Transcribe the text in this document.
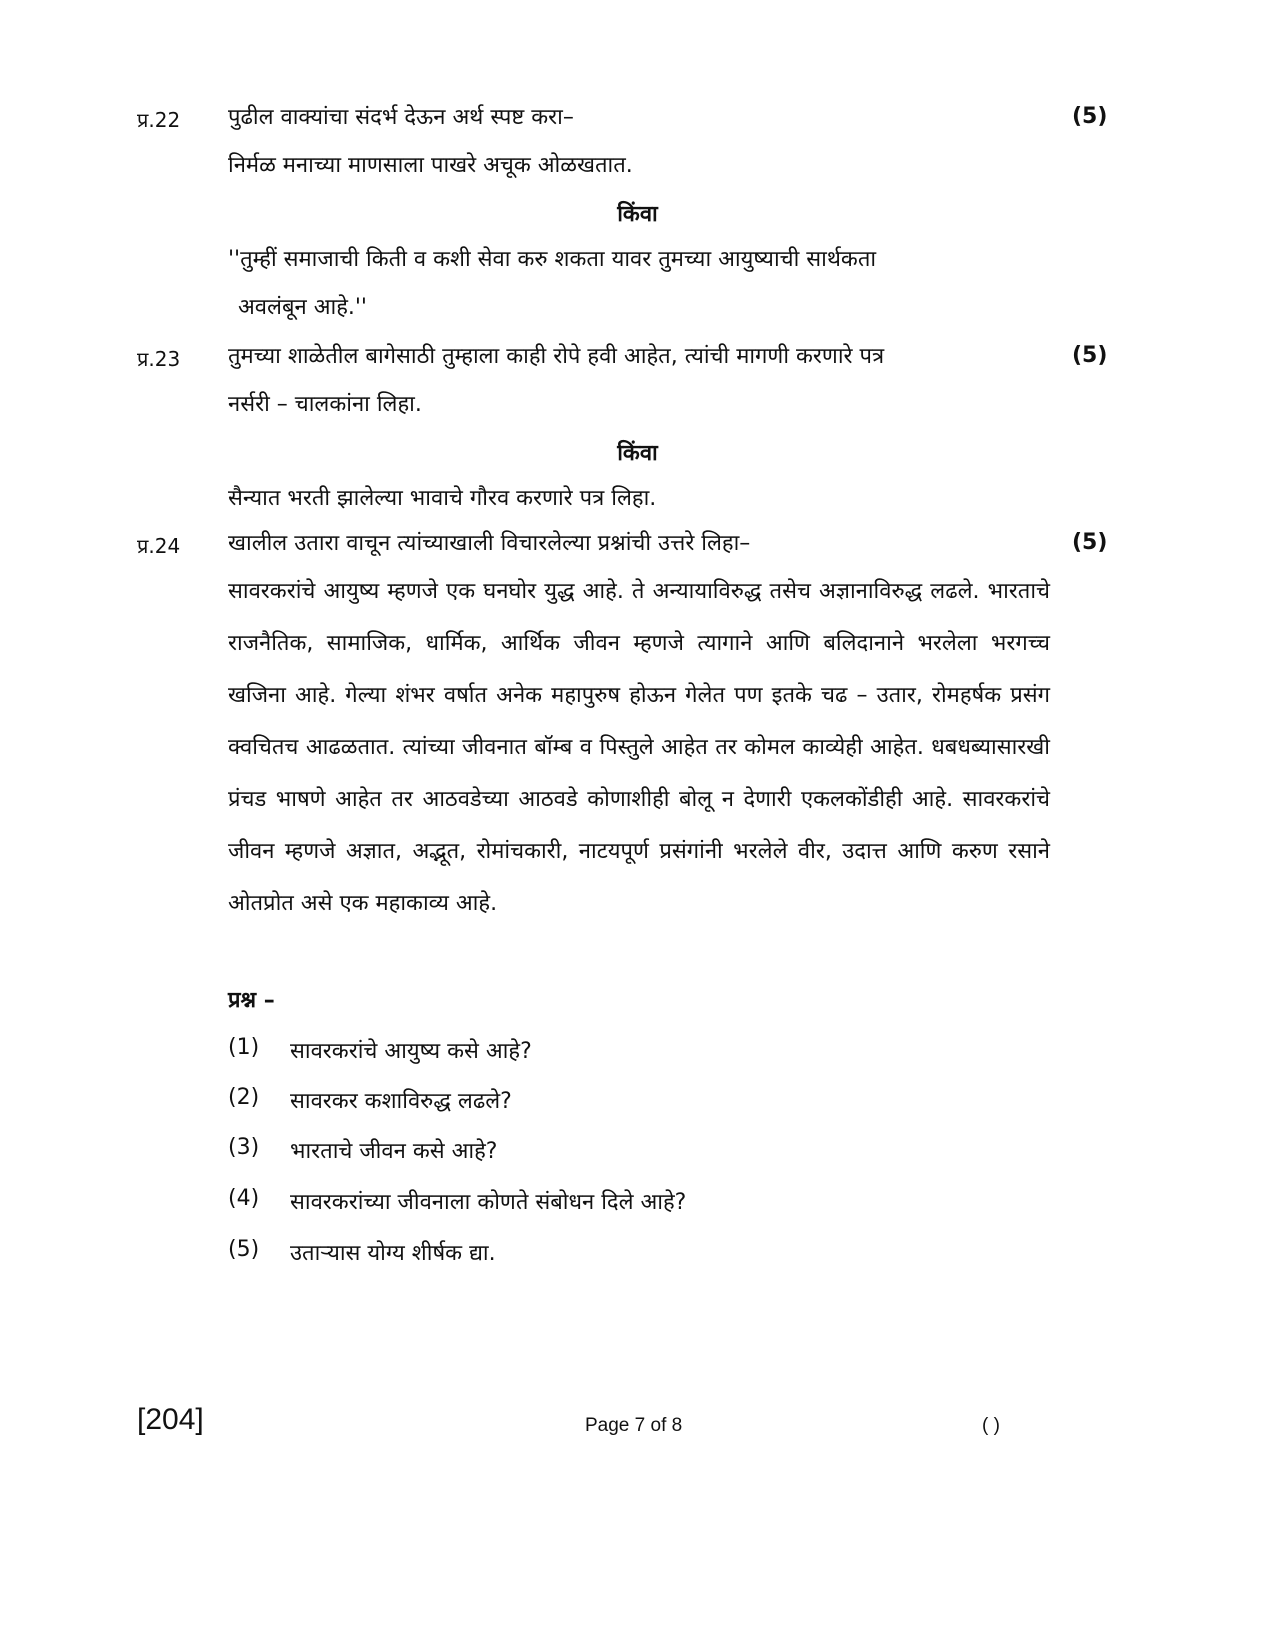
प्र.22 पुढील वाक्यांचा संदर्भ देऊन अर्थ स्पष्ट करा–	(5)
निर्मळ मनाच्या माणसाला पाखरे अचूक ओळखतात.
किंवा
''तुम्हीं समाजाची किती व कशी सेवा करु शकता यावर तुमच्या आयुष्याची सार्थकता
अवलंबून आहे.''
प्र.23 तुमच्या शाळेतील बागेसाठी तुम्हाला काही रोपे हवी आहेत, त्यांची मागणी करणारे पत्र	(5)
नर्सरी – चालकांना लिहा.
किंवा
सैन्यात भरती झालेल्या भावाचे गौरव करणारे पत्र लिहा.
प्र.24 खालील उतारा वाचून त्यांच्याखाली विचारलेल्या प्रश्नांची उत्तरे लिहा–	(5)
सावरकरांचे आयुष्य म्हणजे एक घनघोर युद्ध आहे. ते अन्यायाविरुद्ध तसेच अज्ञानाविरुद्ध लढले. भारताचे राजनैतिक, सामाजिक, धार्मिक, आर्थिक जीवन म्हणजे त्यागाने आणि बलिदानाने भरलेला भरगच्च खजिना आहे. गेल्या शंभर वर्षात अनेक महापुरुष होऊन गेलेत पण इतके चढ – उतार, रोमहर्षक प्रसंग क्वचितच आढळतात. त्यांच्या जीवनात बॉम्ब व पिस्तुले आहेत तर कोमल काव्येही आहेत. धबधब्यासारखी प्रंचड भाषणे आहेत तर आठवडेच्या आठवडे कोणाशीही बोलू न देणारी एकलकोंडीही आहे. सावरकरांचे जीवन म्हणजे अज्ञात, अद्भूत, रोमांचकारी, नाटयपूर्ण प्रसंगांनी भरलेले वीर, उदात्त आणि करुण रसाने ओतप्रोत असे एक महाकाव्य आहे.
प्रश्न –
(1) सावरकरांचे आयुष्य कसे आहे?
(2) सावरकर कशाविरुद्ध लढले?
(3) भारताचे जीवन कसे आहे?
(4) सावरकरांच्या जीवनाला कोणते संबोधन दिले आहे?
(5) उताऱ्यास योग्य शीर्षक द्या.
[204]	Page 7 of 8	( )
